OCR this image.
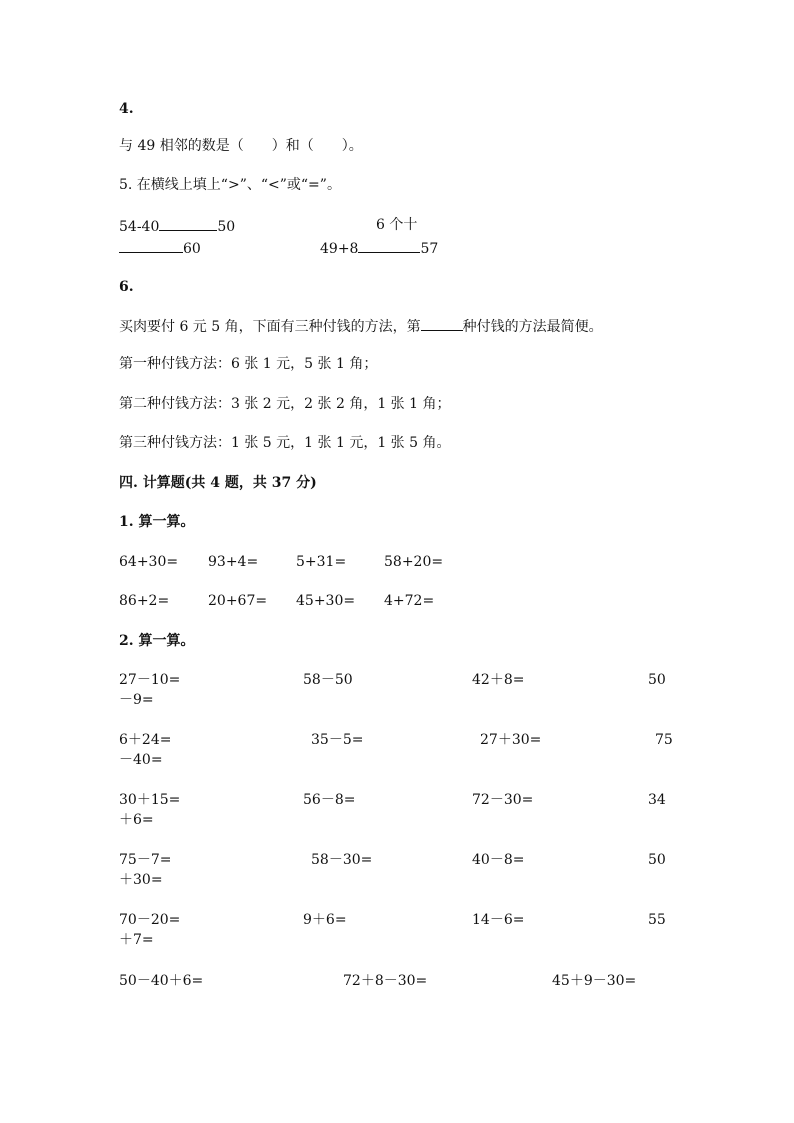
4.
与 49 相邻的数是（　　）和（　　）。
5. 在横线上填上“>”、“<”或“=”。
54-40	50	6 个十
60	49+8	57
6.
买肉要付 6 元 5 角，下面有三种付钱的方法，第	种付钱的方法最简便。
第一种付钱方法：6 张 1 元，5 张 1 角；
第二种付钱方法：3 张 2 元，2 张 2 角，1 张 1 角；
第三种付钱方法：1 张 5 元，1 张 1 元，1 张 5 角。
四. 计算题(共 4 题，共 37 分)
1. 算一算。
64+30= 93+4=	5+31=	58+20=
86+2=	20+67= 45+30= 4+72=
2. 算一算。
27－10=	58－50	42＋8=	50
－9=
6＋24=	35－5=	27＋30=	75
－40=
30＋15=	56－8=	72－30=	34
＋6=
75－7=	58－30=	40－8=	50
＋30=
70－20=	9＋6=	14－6=	55
＋7=
50－40＋6=	72＋8－30=	45＋9－30=
